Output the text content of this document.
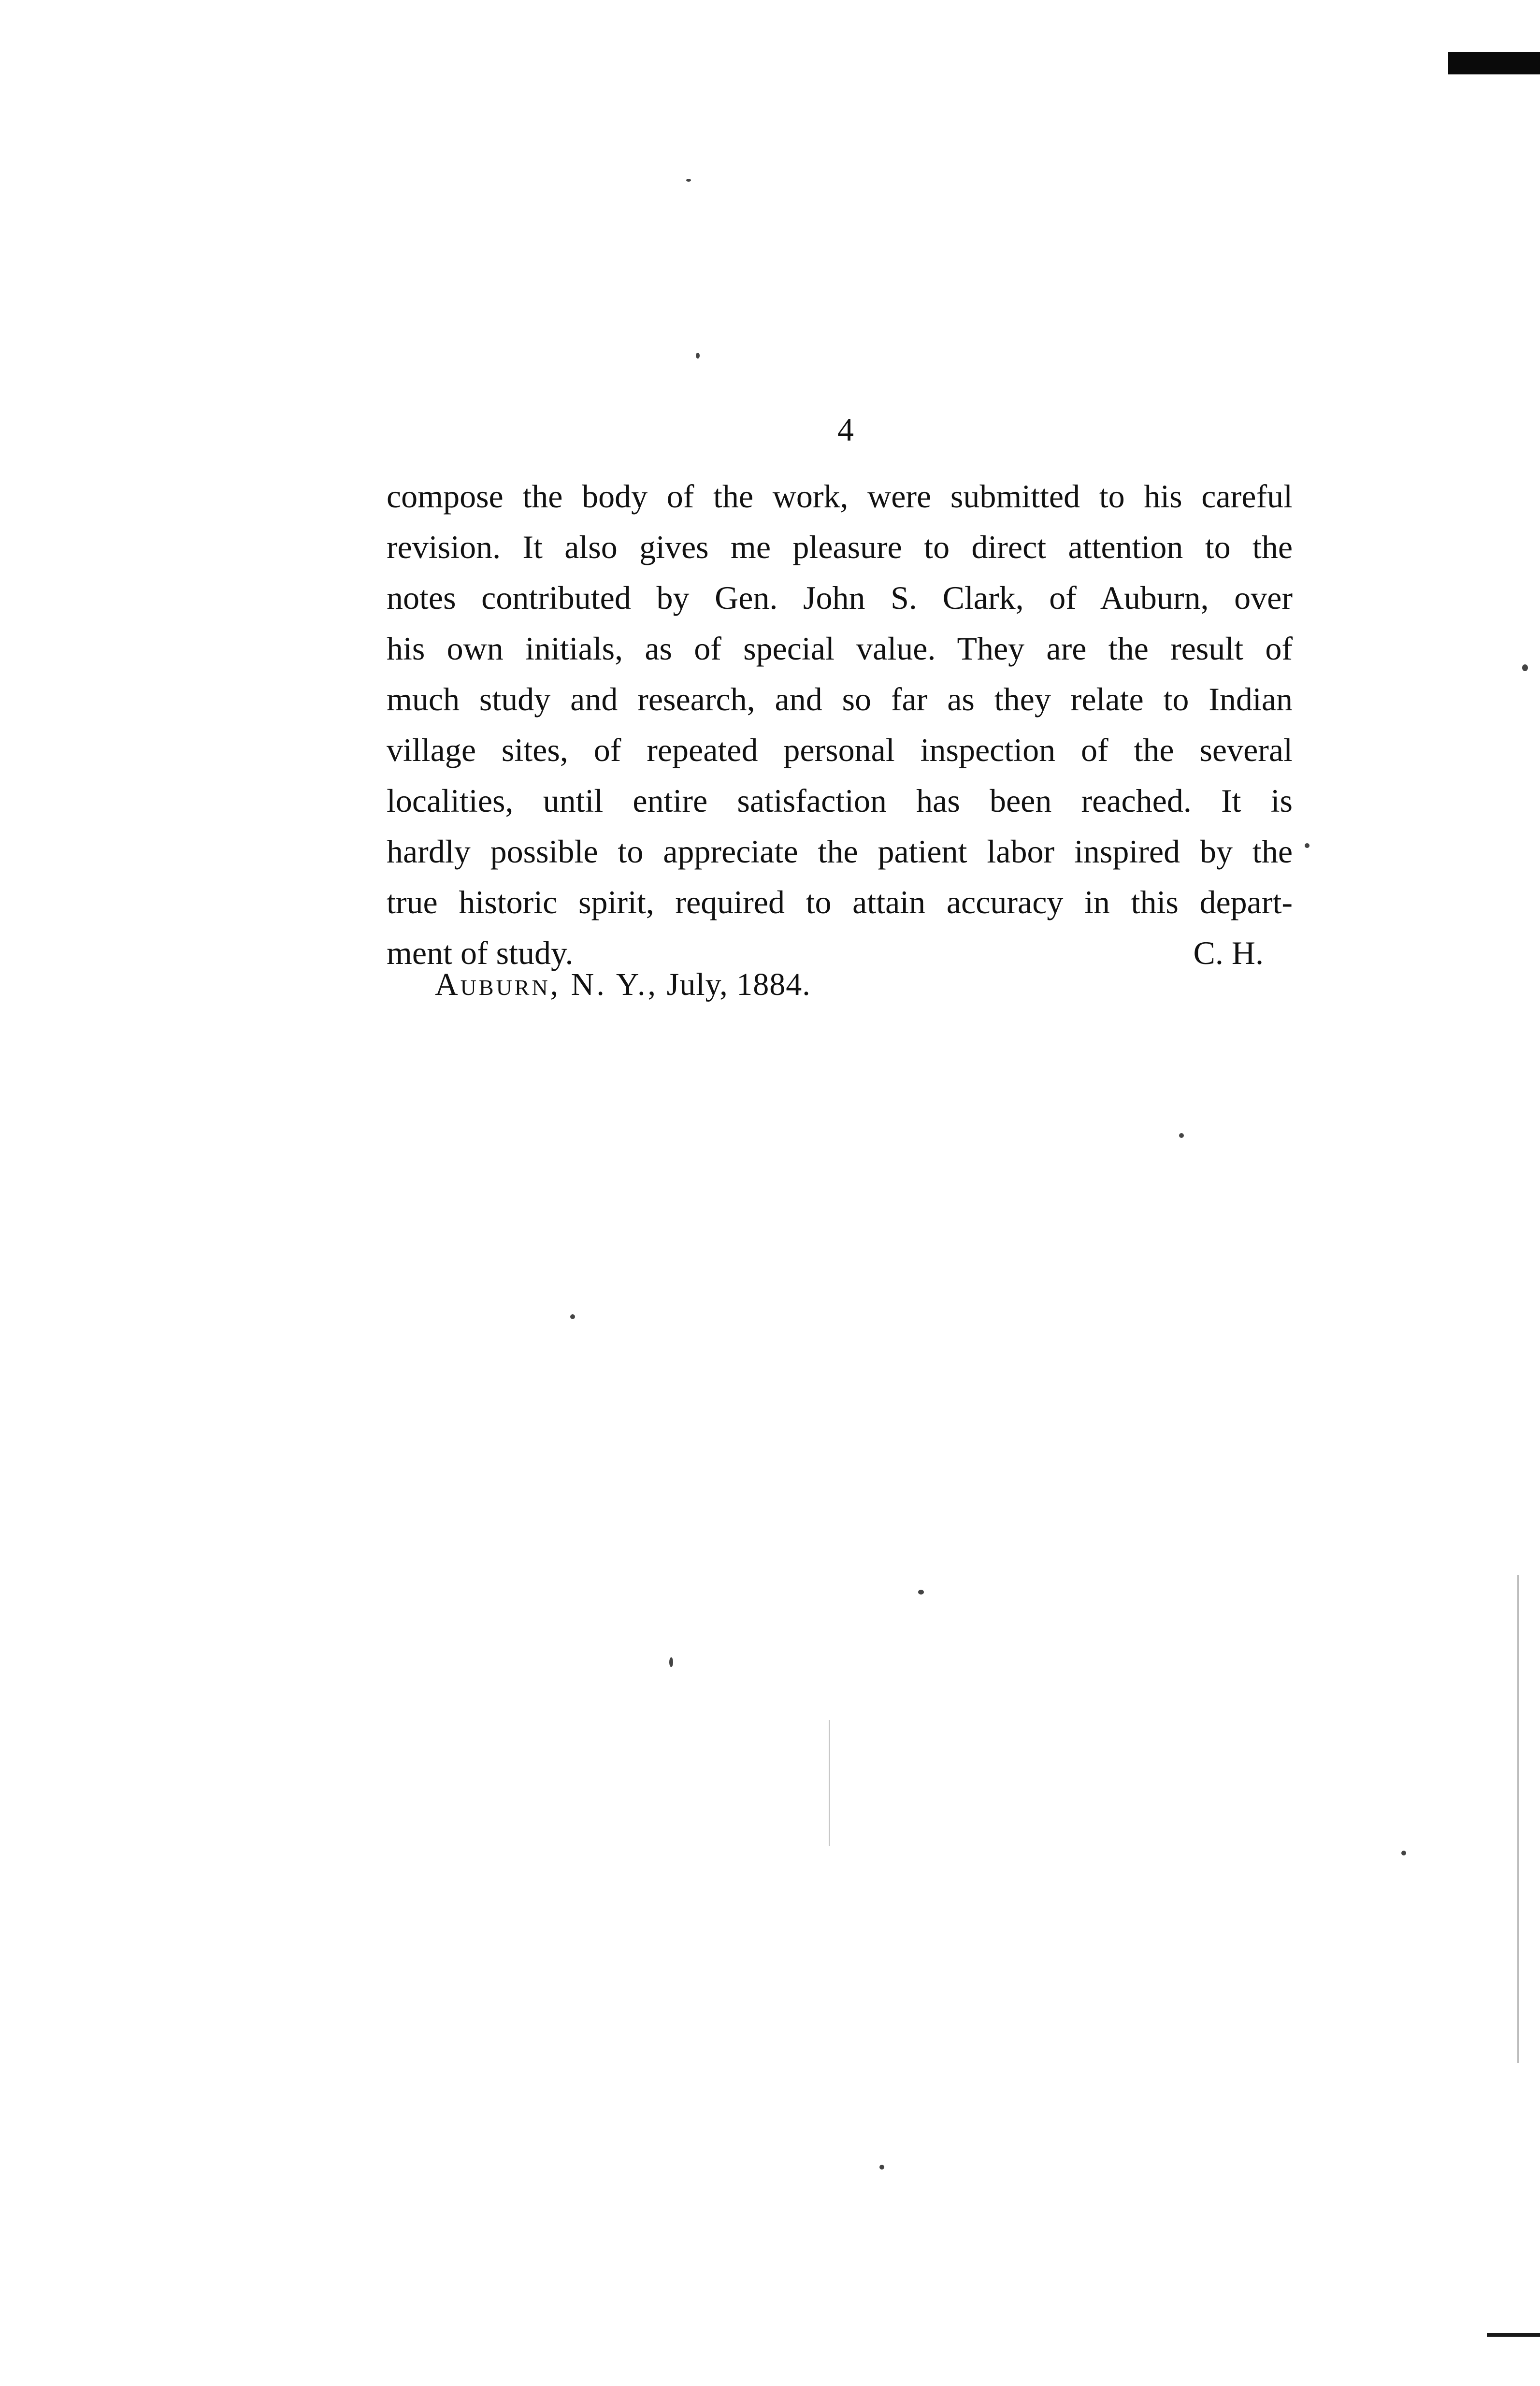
4
compose the body of the work, were submitted to his careful
revision. It also gives me pleasure to direct attention to the
notes contributed by Gen. John S. Clark, of Auburn, over
his own initials, as of special value. They are the result of
much study and research, and so far as they relate to Indian
village sites, of repeated personal inspection of the several
localities, until entire satisfaction has been reached. It is
hardly possible to appreciate the patient labor inspired by the
true historic spirit, required to attain accuracy in this depart-
ment of study.	C. H.
Auburn, N. Y., July, 1884.
